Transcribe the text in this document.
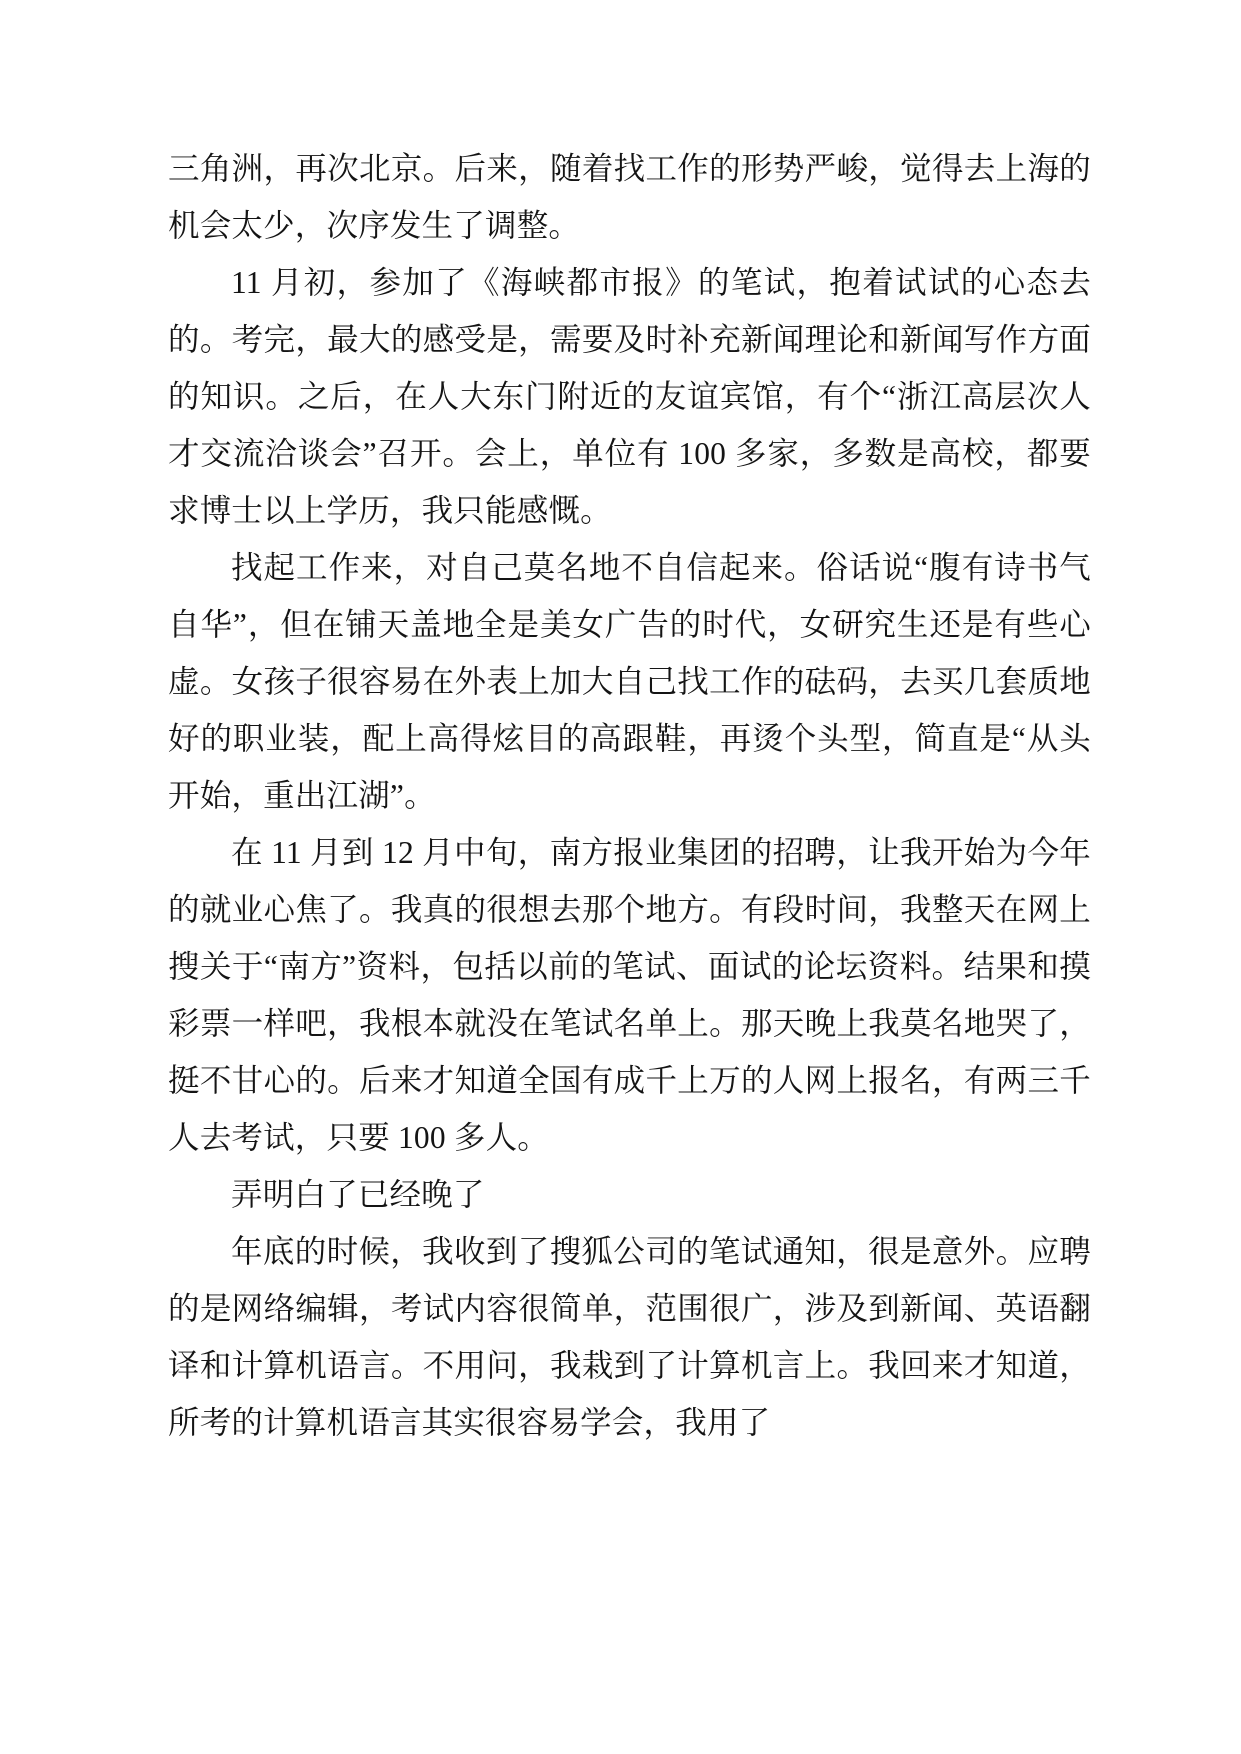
三角洲，再次北京。后来，随着找工作的形势严峻，觉得去上海的机会太少，次序发生了调整。

11 月初，参加了《海峡都市报》的笔试，抱着试试的心态去的。考完，最大的感受是，需要及时补充新闻理论和新闻写作方面的知识。之后，在人大东门附近的友谊宾馆，有个“浙江高层次人才交流洽谈会”召开。会上，单位有 100 多家，多数是高校，都要求博士以上学历，我只能感慨。

找起工作来，对自己莫名地不自信起来。俗话说“腹有诗书气自华”，但在铺天盖地全是美女广告的时代，女研究生还是有些心虚。女孩子很容易在外表上加大自己找工作的砝码，去买几套质地好的职业装，配上高得炫目的高跟鞋，再烫个头型，简直是“从头开始，重出江湖”。

在 11 月到 12 月中旬，南方报业集团的招聘，让我开始为今年的就业心焦了。我真的很想去那个地方。有段时间，我整天在网上搜关于“南方”资料，包括以前的笔试、面试的论坛资料。结果和摸彩票一样吧，我根本就没在笔试名单上。那天晚上我莫名地哭了，挺不甘心的。后来才知道全国有成千上万的人网上报名，有两三千人去考试，只要 100 多人。

弄明白了已经晚了

年底的时候，我收到了搜狐公司的笔试通知，很是意外。应聘的是网络编辑，考试内容很简单，范围很广，涉及到新闻、英语翻译和计算机语言。不用问，我栽到了计算机言上。我回来才知道，所考的计算机语言其实很容易学会，我用了
